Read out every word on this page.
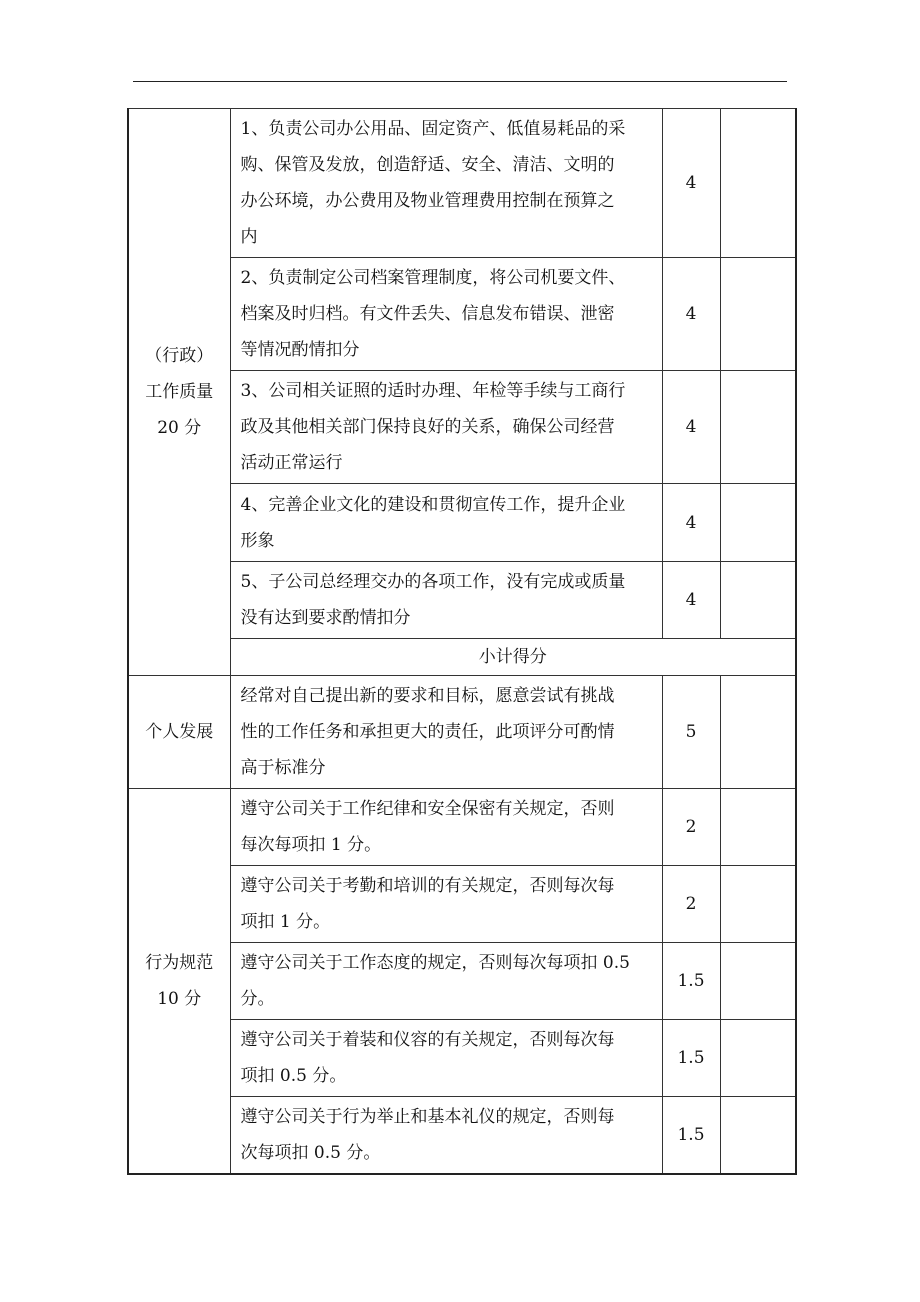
（行政）
工作质量
20 分	1、负责公司办公用品、固定资产、低值易耗品的采
购、保管及发放，创造舒适、安全、清洁、文明的
办公环境，办公费用及物业管理费用控制在预算之
内	4	

	2、负责制定公司档案管理制度，将公司机要文件、
档案及时归档。有文件丢失、信息发布错误、泄密
等情况酌情扣分	4	

	3、公司相关证照的适时办理、年检等手续与工商行
政及其他相关部门保持良好的关系，确保公司经营
活动正常运行	4	

	4、完善企业文化的建设和贯彻宣传工作，提升企业
形象	4	

	5、子公司总经理交办的各项工作，没有完成或质量
没有达到要求酌情扣分	4	
	小计得分		

个人发展	经常对自己提出新的要求和目标，愿意尝试有挑战
性的工作任务和承担更大的责任，此项评分可酌情
高于标准分	5	

行为规范
10 分	遵守公司关于工作纪律和安全保密有关规定，否则
每次每项扣 1 分。	2	

	遵守公司关于考勤和培训的有关规定，否则每次每
项扣 1 分。	2	

	遵守公司关于工作态度的规定，否则每次每项扣 0.5
分。	1.5	

	遵守公司关于着装和仪容的有关规定，否则每次每
项扣 0.5 分。	1.5	

	遵守公司关于行为举止和基本礼仪的规定，否则每
次每项扣 0.5 分。	1.5	
